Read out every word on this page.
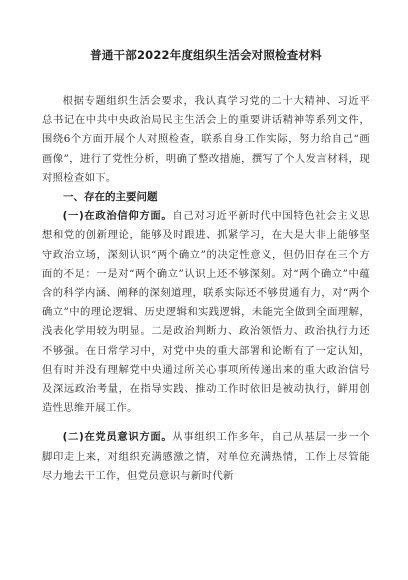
普通干部2022年度组织生活会对照检查材料

根据专题组织生活会要求，我认真学习党的二十大精神、习近平总书记在中共中央政治局民主生活会上的重要讲话精神等系列文件，围绕6个方面开展个人对照检查，联系自身工作实际，努力给自己“画画像”，进行了党性分析，明确了整改措施，撰写了个人发言材料，现对照检查如下。

一、存在的主要问题

(一)在政治信仰方面。自己对习近平新时代中国特色社会主义思想和党的创新理论，能够及时跟进、抓紧学习，在大是大非上能够坚守政治立场，深刻认识“两个确立”的决定性意义，但仍旧存在三个方面的不足：一是对“两个确立”认识上还不够深刻。对“两个确立”中蕴含的科学内涵、阐释的深刻道理，联系实际还不够贯通有力，对“两个确立”中的理论逻辑、历史逻辑和实践逻辑，未能完全做到全面理解，浅表化学用较为明显。二是政治判断力、政治领悟力、政治执行力还不够强。在日常学习中，对党中央的重大部署和论断有了一定认知，但有时并没有理解党中央通过所关心事项所传递出来的重大政治信号及深远政治考量，在指导实践、推动工作时依旧是被动执行，鲜用创造性思维开展工作。

(二)在党员意识方面。从事组织工作多年，自己从基层一步一个脚印走上来，对组织充满感激之情，对单位充满热情，工作上尽管能尽力地去干工作，但党员意识与新时代新
